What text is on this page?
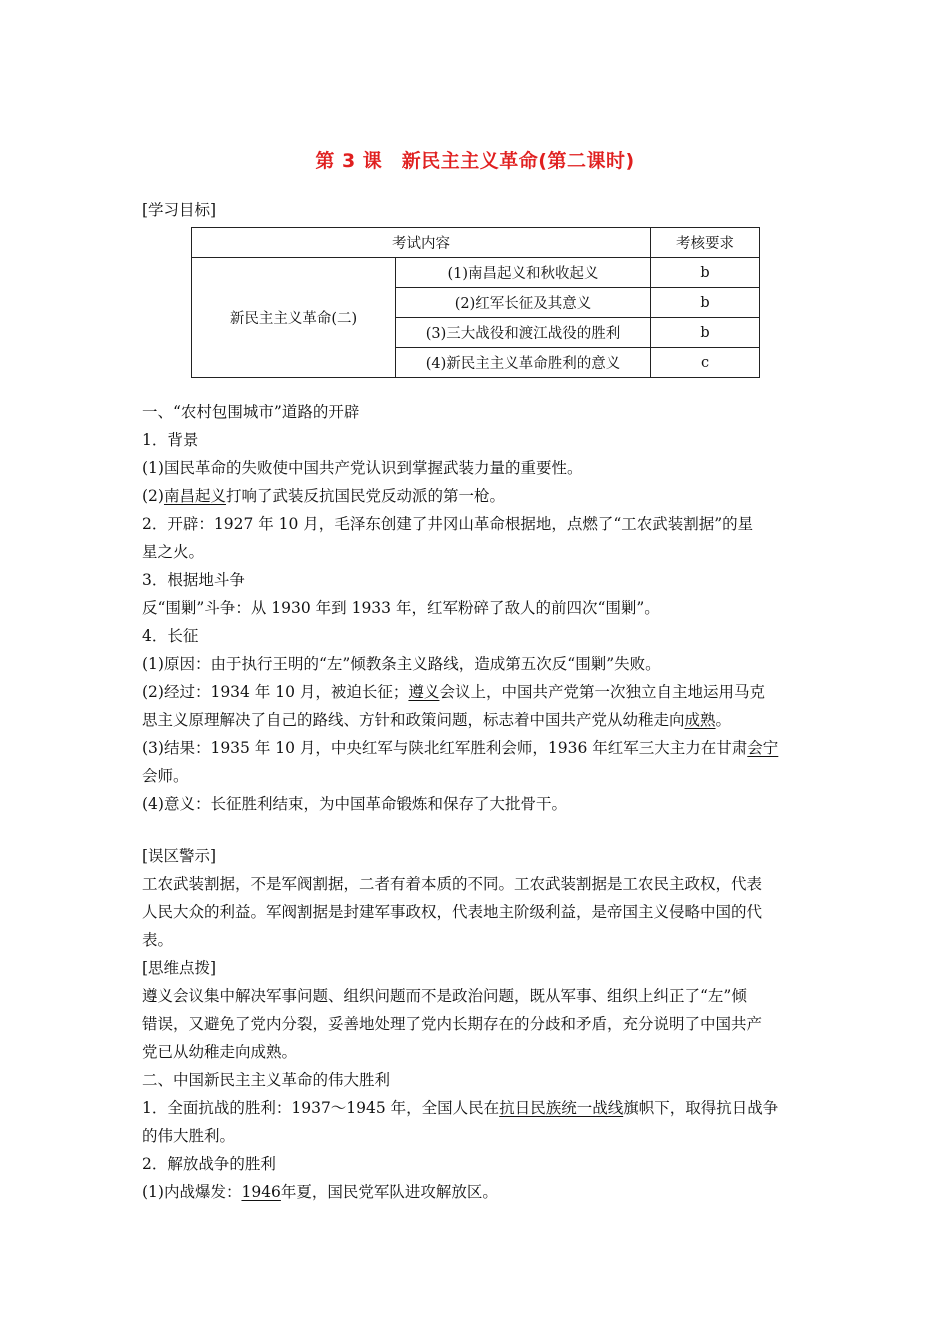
第 3 课　新民主主义革命(第二课时)
[学习目标]
考试内容		考核要求
新民主主义革命(二)	(1)南昌起义和秋收起义	b
	(2)红军长征及其意义	b
	(3)三大战役和渡江战役的胜利	b
	(4)新民主主义革命胜利的意义	c
一、“农村包围城市”道路的开辟
1．背景
(1)国民革命的失败使中国共产党认识到掌握武装力量的重要性。
(2)南昌起义打响了武装反抗国民党反动派的第一枪。
2．开辟：1927 年 10 月，毛泽东创建了井冈山革命根据地，点燃了“工农武装割据”的星
星之火。
3．根据地斗争
反“围剿”斗争：从 1930 年到 1933 年，红军粉碎了敌人的前四次“围剿”。
4．长征
(1)原因：由于执行王明的“左”倾教条主义路线，造成第五次反“围剿”失败。
(2)经过：1934 年 10 月，被迫长征；遵义会议上，中国共产党第一次独立自主地运用马克
思主义原理解决了自己的路线、方针和政策问题，标志着中国共产党从幼稚走向成熟。
(3)结果：1935 年 10 月，中央红军与陕北红军胜利会师，1936 年红军三大主力在甘肃会宁
会师。
(4)意义：长征胜利结束，为中国革命锻炼和保存了大批骨干。
[误区警示]
工农武装割据，不是军阀割据，二者有着本质的不同。工农武装割据是工农民主政权，代表
人民大众的利益。军阀割据是封建军事政权，代表地主阶级利益，是帝国主义侵略中国的代
表。
[思维点拨]
遵义会议集中解决军事问题、组织问题而不是政治问题，既从军事、组织上纠正了“左”倾
错误，又避免了党内分裂，妥善地处理了党内长期存在的分歧和矛盾，充分说明了中国共产
党已从幼稚走向成熟。
二、中国新民主主义革命的伟大胜利
1．全面抗战的胜利：1937～1945 年，全国人民在抗日民族统一战线旗帜下，取得抗日战争
的伟大胜利。
2．解放战争的胜利
(1)内战爆发：1946年夏，国民党军队进攻解放区。
